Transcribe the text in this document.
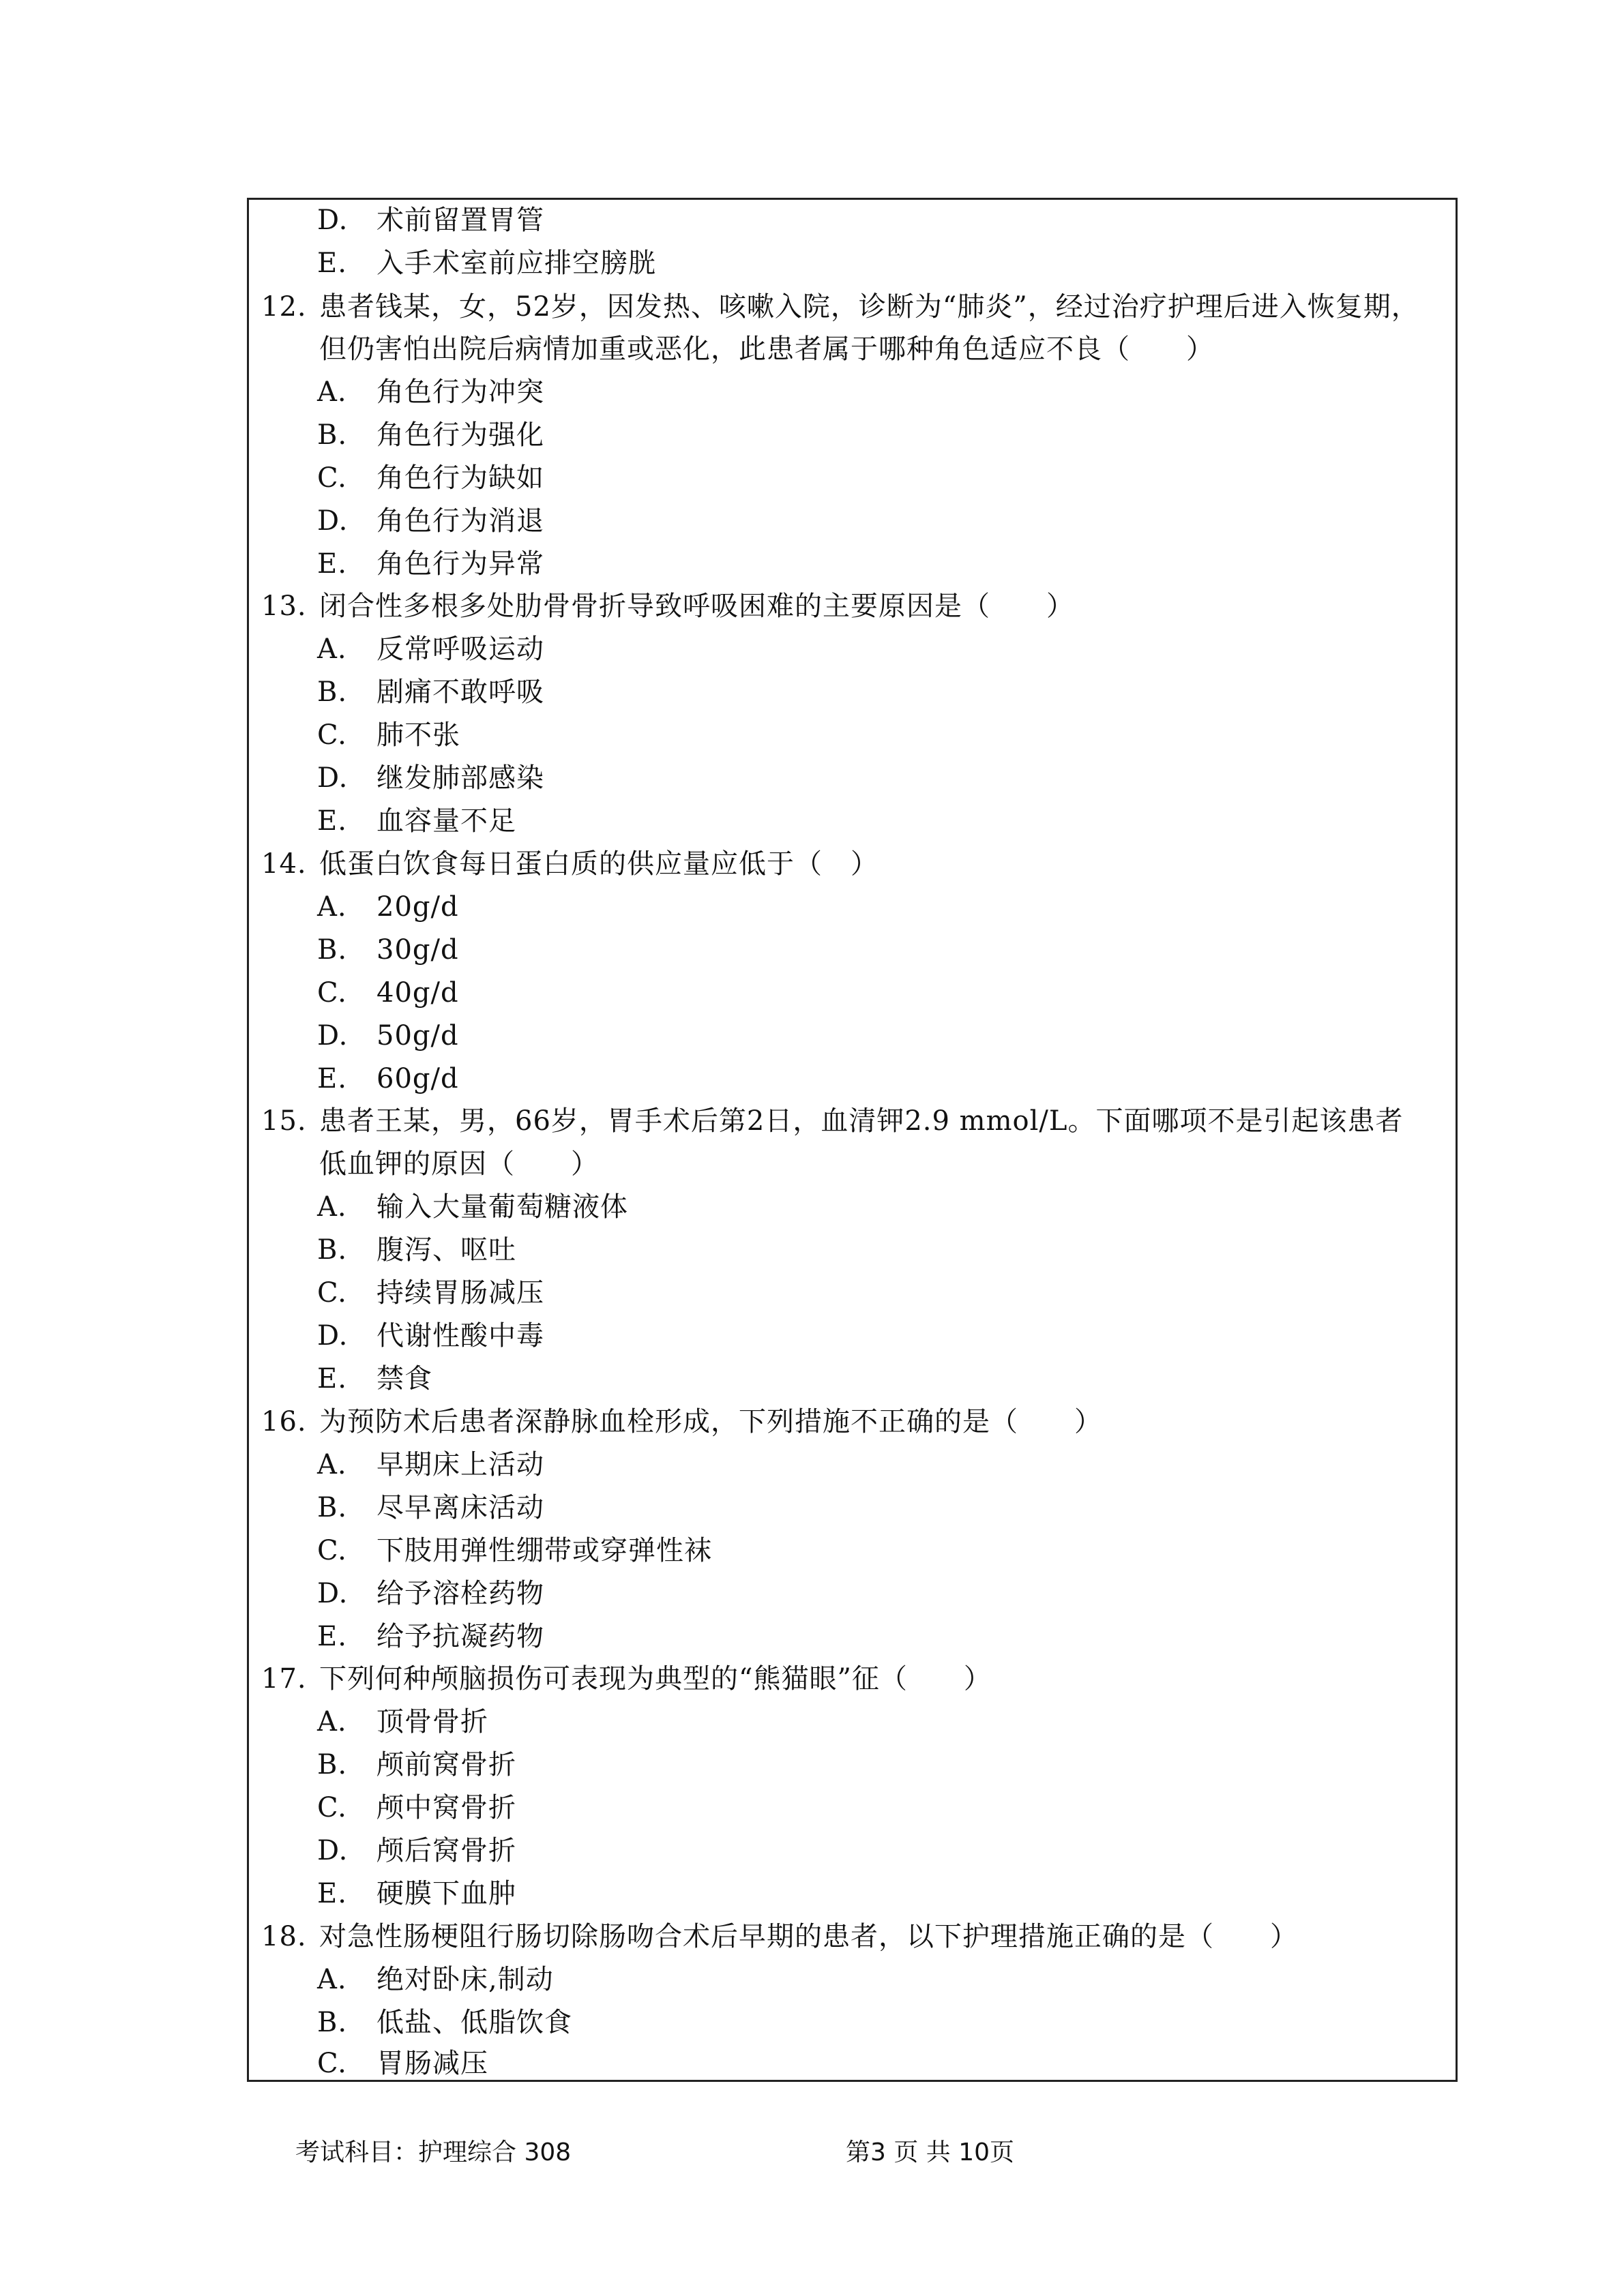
D. 术前留置胃管
E. 入手术室前应排空膀胱
12. 患者钱某，女，52岁，因发热、咳嗽入院，诊断为“肺炎”，经过治疗护理后进入恢复期，
但仍害怕出院后病情加重或恶化，此患者属于哪种角色适应不良（　　）
A. 角色行为冲突
B. 角色行为强化
C. 角色行为缺如
D. 角色行为消退
E. 角色行为异常
13. 闭合性多根多处肋骨骨折导致呼吸困难的主要原因是（　　）
A. 反常呼吸运动
B. 剧痛不敢呼吸
C. 肺不张
D. 继发肺部感染
E. 血容量不足
14. 低蛋白饮食每日蛋白质的供应量应低于（　）
A. 20g/d
B. 30g/d
C. 40g/d
D. 50g/d
E. 60g/d
15. 患者王某，男，66岁，胃手术后第2日，血清钾2.9 mmol/L。下面哪项不是引起该患者
低血钾的原因（　　）
A. 输入大量葡萄糖液体
B. 腹泻、呕吐
C. 持续胃肠减压
D. 代谢性酸中毒
E. 禁食
16. 为预防术后患者深静脉血栓形成，下列措施不正确的是（　　）
A. 早期床上活动
B. 尽早离床活动
C. 下肢用弹性绷带或穿弹性袜
D. 给予溶栓药物
E. 给予抗凝药物
17. 下列何种颅脑损伤可表现为典型的“熊猫眼”征（　　）
A. 顶骨骨折
B. 颅前窝骨折
C. 颅中窝骨折
D. 颅后窝骨折
E. 硬膜下血肿
18. 对急性肠梗阻行肠切除肠吻合术后早期的患者，以下护理措施正确的是（　　）
A. 绝对卧床,制动
B. 低盐、低脂饮食
C. 胃肠减压
考试科目：护理综合 308	第3 页 共 10页
